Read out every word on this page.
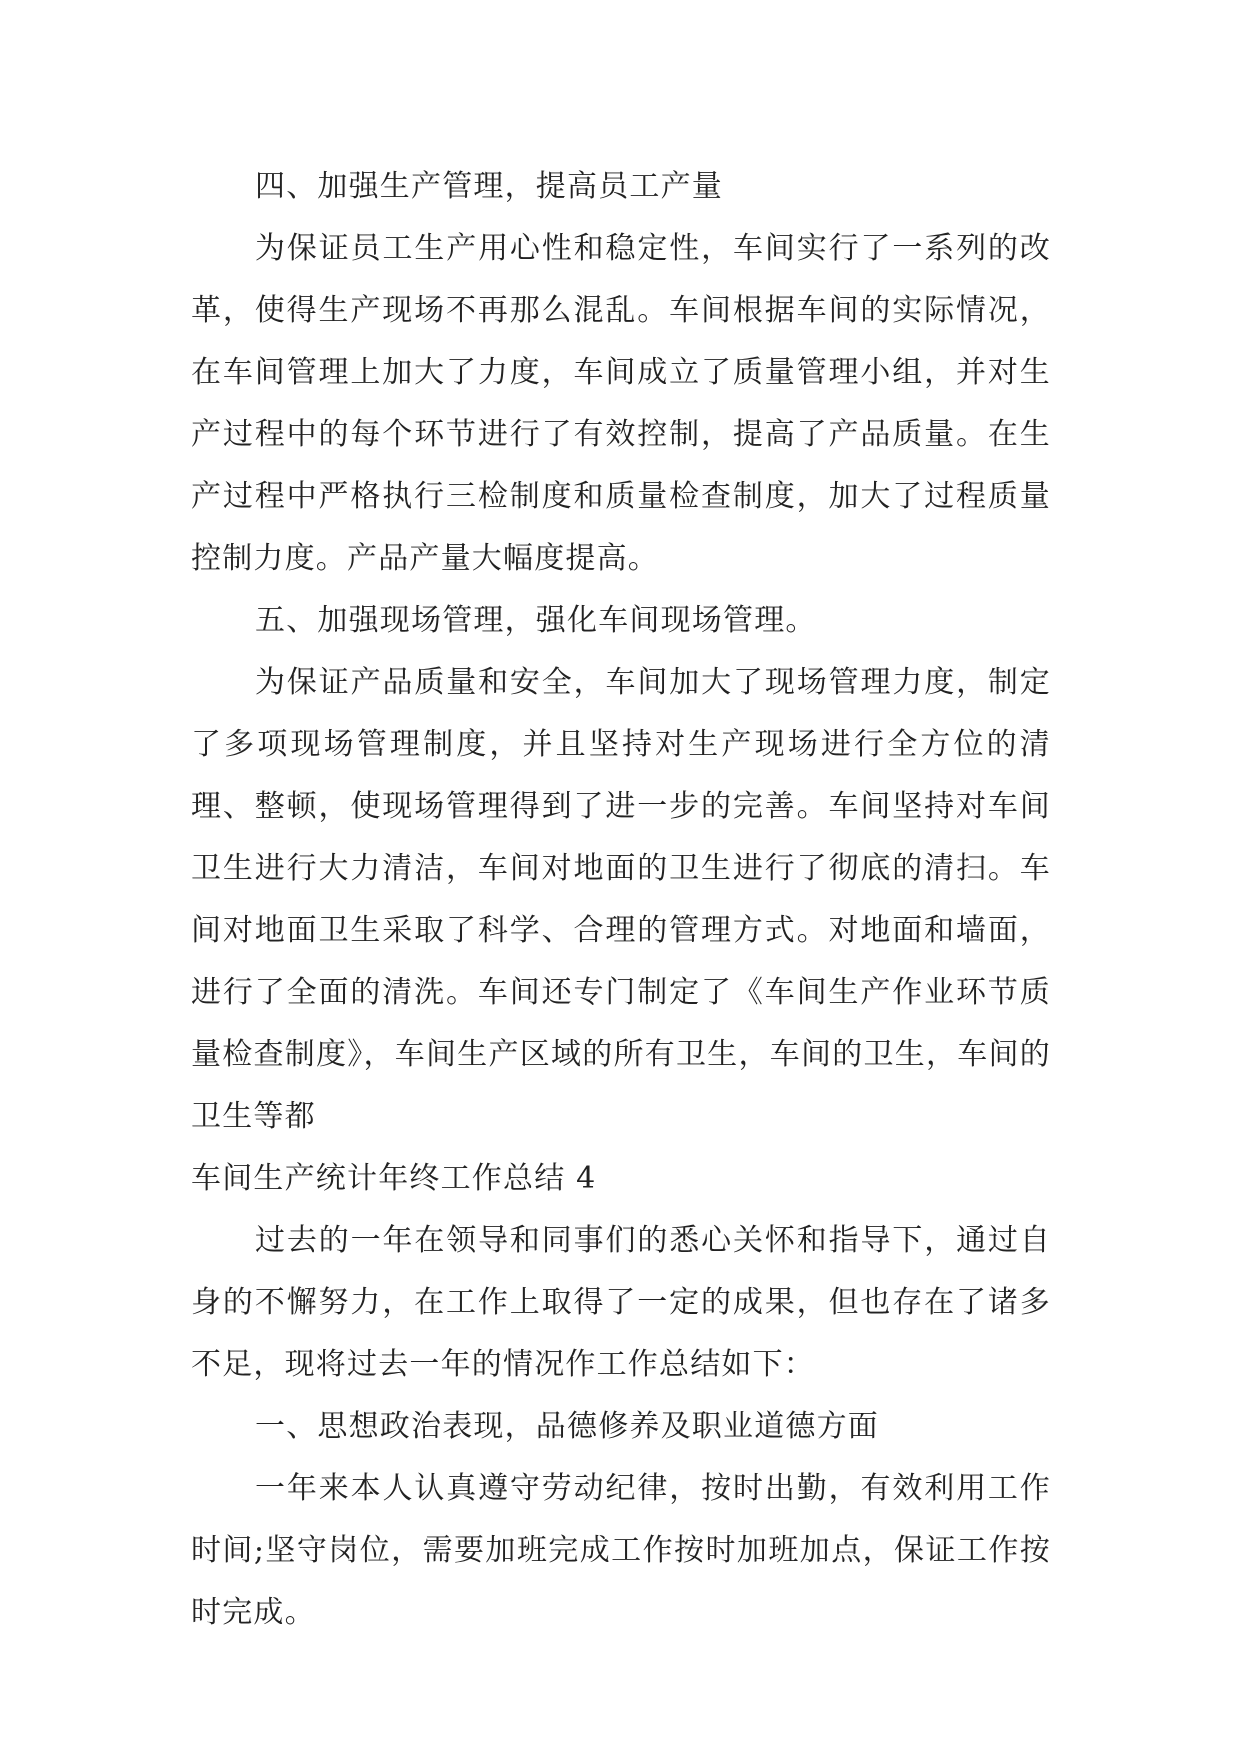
四、加强生产管理，提高员工产量

为保证员工生产用心性和稳定性，车间实行了一系列的改革，使得生产现场不再那么混乱。车间根据车间的实际情况，在车间管理上加大了力度，车间成立了质量管理小组，并对生产过程中的每个环节进行了有效控制，提高了产品质量。在生产过程中严格执行三检制度和质量检查制度，加大了过程质量控制力度。产品产量大幅度提高。

五、加强现场管理，强化车间现场管理。

为保证产品质量和安全，车间加大了现场管理力度，制定了多项现场管理制度，并且坚持对生产现场进行全方位的清理、整顿，使现场管理得到了进一步的完善。车间坚持对车间卫生进行大力清洁，车间对地面的卫生进行了彻底的清扫。车间对地面卫生采取了科学、合理的管理方式。对地面和墙面，进行了全面的清洗。车间还专门制定了《车间生产作业环节质量检查制度》，车间生产区域的所有卫生，车间的卫生，车间的卫生等都

车间生产统计年终工作总结 4

过去的一年在领导和同事们的悉心关怀和指导下，通过自身的不懈努力，在工作上取得了一定的成果，但也存在了诸多不足，现将过去一年的情况作工作总结如下：

一、思想政治表现，品德修养及职业道德方面

一年来本人认真遵守劳动纪律，按时出勤，有效利用工作时间;坚守岗位，需要加班完成工作按时加班加点，保证工作按时完成。
